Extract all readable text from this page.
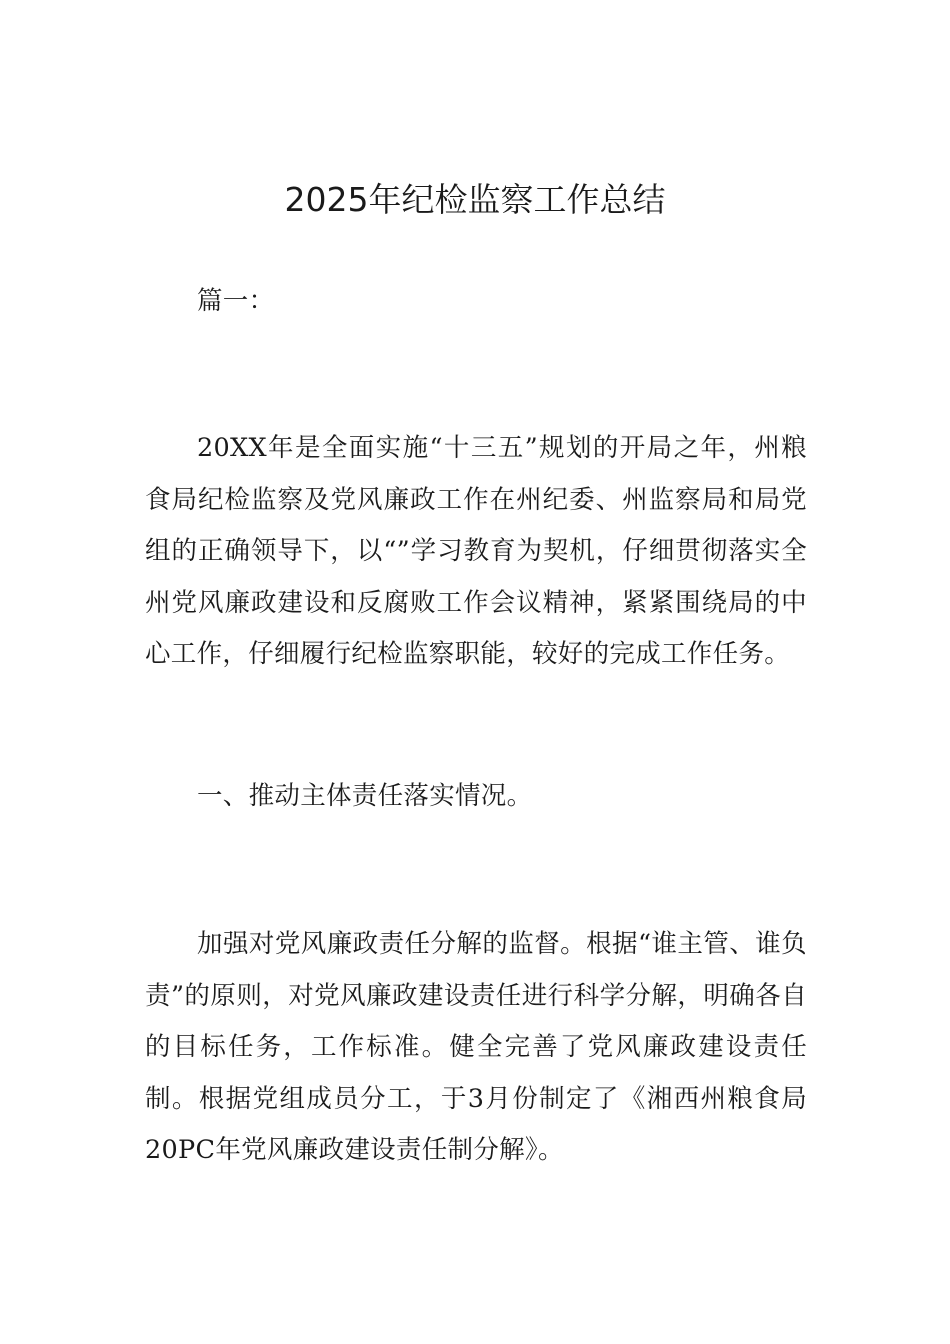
2025年纪检监察工作总结

篇一：

20XX年是全面实施“十三五”规划的开局之年，州粮食局纪检监察及党风廉政工作在州纪委、州监察局和局党组的正确领导下，以“”学习教育为契机，仔细贯彻落实全州党风廉政建设和反腐败工作会议精神，紧紧围绕局的中心工作，仔细履行纪检监察职能，较好的完成工作任务。

一、推动主体责任落实情况。

加强对党风廉政责任分解的监督。根据“谁主管、谁负责”的原则，对党风廉政建设责任进行科学分解，明确各自的目标任务，工作标准。健全完善了党风廉政建设责任制。根据党组成员分工，于3月份制定了《湘西州粮食局20PC年党风廉政建设责任制分解》。
